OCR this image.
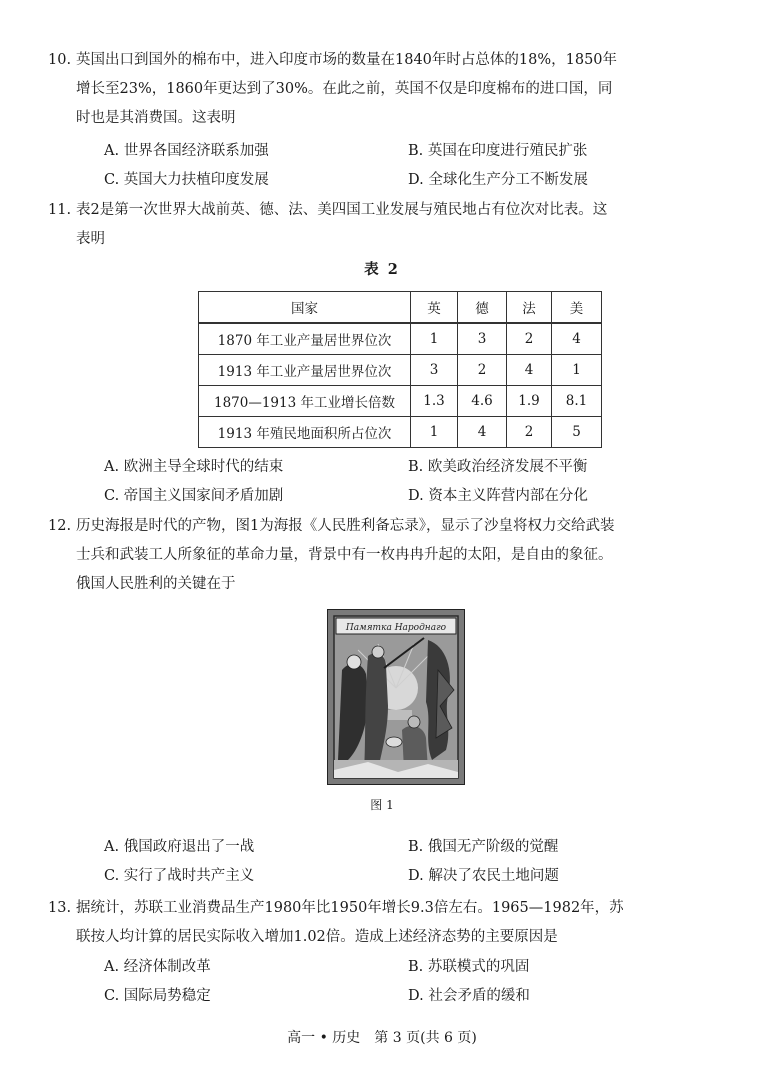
10. 英国出口到国外的棉布中，进入印度市场的数量在1840年时占总体的18%，1850年
增长至23%，1860年更达到了30%。在此之前，英国不仅是印度棉布的进口国，同
时也是其消费国。这表明
A. 世界各国经济联系加强	B. 英国在印度进行殖民扩张
C. 英国大力扶植印度发展	D. 全球化生产分工不断发展
11. 表2是第一次世界大战前英、德、法、美四国工业发展与殖民地占有位次对比表。这
表明
表 2
国家	英	德	法	美
1870 年工业产量居世界位次	1	3	2	4
1913 年工业产量居世界位次	3	2	4	1
1870—1913 年工业增长倍数	1.3	4.6	1.9	8.1
1913 年殖民地面积所占位次	1	4	2	5
A. 欧洲主导全球时代的结束	B. 欧美政治经济发展不平衡
C. 帝国主义国家间矛盾加剧	D. 资本主义阵营内部在分化
12. 历史海报是时代的产物，图1为海报《人民胜利备忘录》，显示了沙皇将权力交给武装
士兵和武装工人所象征的革命力量，背景中有一枚冉冉升起的太阳，是自由的象征。
俄国人民胜利的关键在于
Памятка Народнаго
图 1
A. 俄国政府退出了一战	B. 俄国无产阶级的觉醒
C. 实行了战时共产主义	D. 解决了农民土地问题
13. 据统计，苏联工业消费品生产1980年比1950年增长9.3倍左右。1965—1982年，苏
联按人均计算的居民实际收入增加1.02倍。造成上述经济态势的主要原因是
A. 经济体制改革	B. 苏联模式的巩固
C. 国际局势稳定	D. 社会矛盾的缓和
高一 • 历史　第 3 页(共 6 页)
